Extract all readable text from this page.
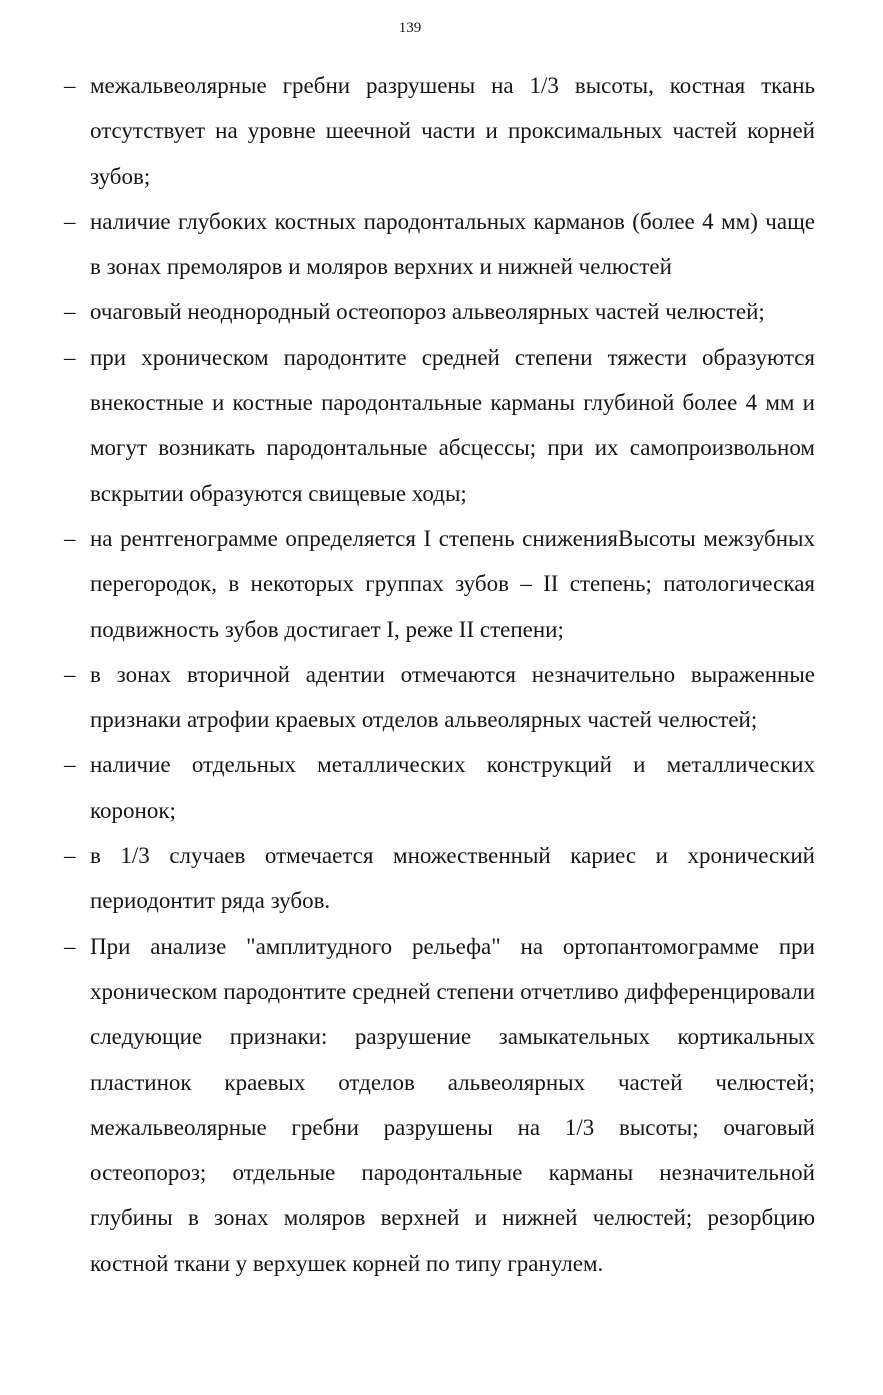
139
– межальвеолярные гребни разрушены на 1/3 высоты, костная ткань отсутствует на уровне шеечной части и проксимальных частей корней зубов;
– наличие глубоких костных пародонтальных карманов (более 4 мм) чаще в зонах премоляров и моляров верхних и нижней челюстей
– очаговый неоднородный остеопороз альвеолярных частей челюстей;
– при хроническом пародонтите средней степени тяжести образуются внекостные и костные пародонтальные карманы глубиной более 4 мм и могут возникать пародонтальные абсцессы; при их самопроизвольном вскрытии образуются свищевые ходы;
– на рентгенограмме определяется I степень сниженияВысоты межзубных перегородок, в некоторых группах зубов – II степень; патологическая подвижность зубов достигает I, реже II степени;
– в зонах вторичной адентии отмечаются незначительно выраженные признаки атрофии краевых отделов альвеолярных частей челюстей;
– наличие отдельных металлических конструкций и металлических коронок;
– в 1/3 случаев отмечается множественный кариес и хронический периодонтит ряда зубов.
– При анализе "амплитудного рельефа" на ортопантомограмме при хроническом пародонтите средней степени отчетливо дифференцировали следующие признаки: разрушение замыкательных кортикальных пластинок краевых отделов альвеолярных частей челюстей; межальвеолярные гребни разрушены на 1/3 высоты; очаговый остеопороз; отдельные пародонтальные карманы незначительной глубины в зонах моляров верхней и нижней челюстей; резорбцию костной ткани у верхушек корней по типу гранулем.
